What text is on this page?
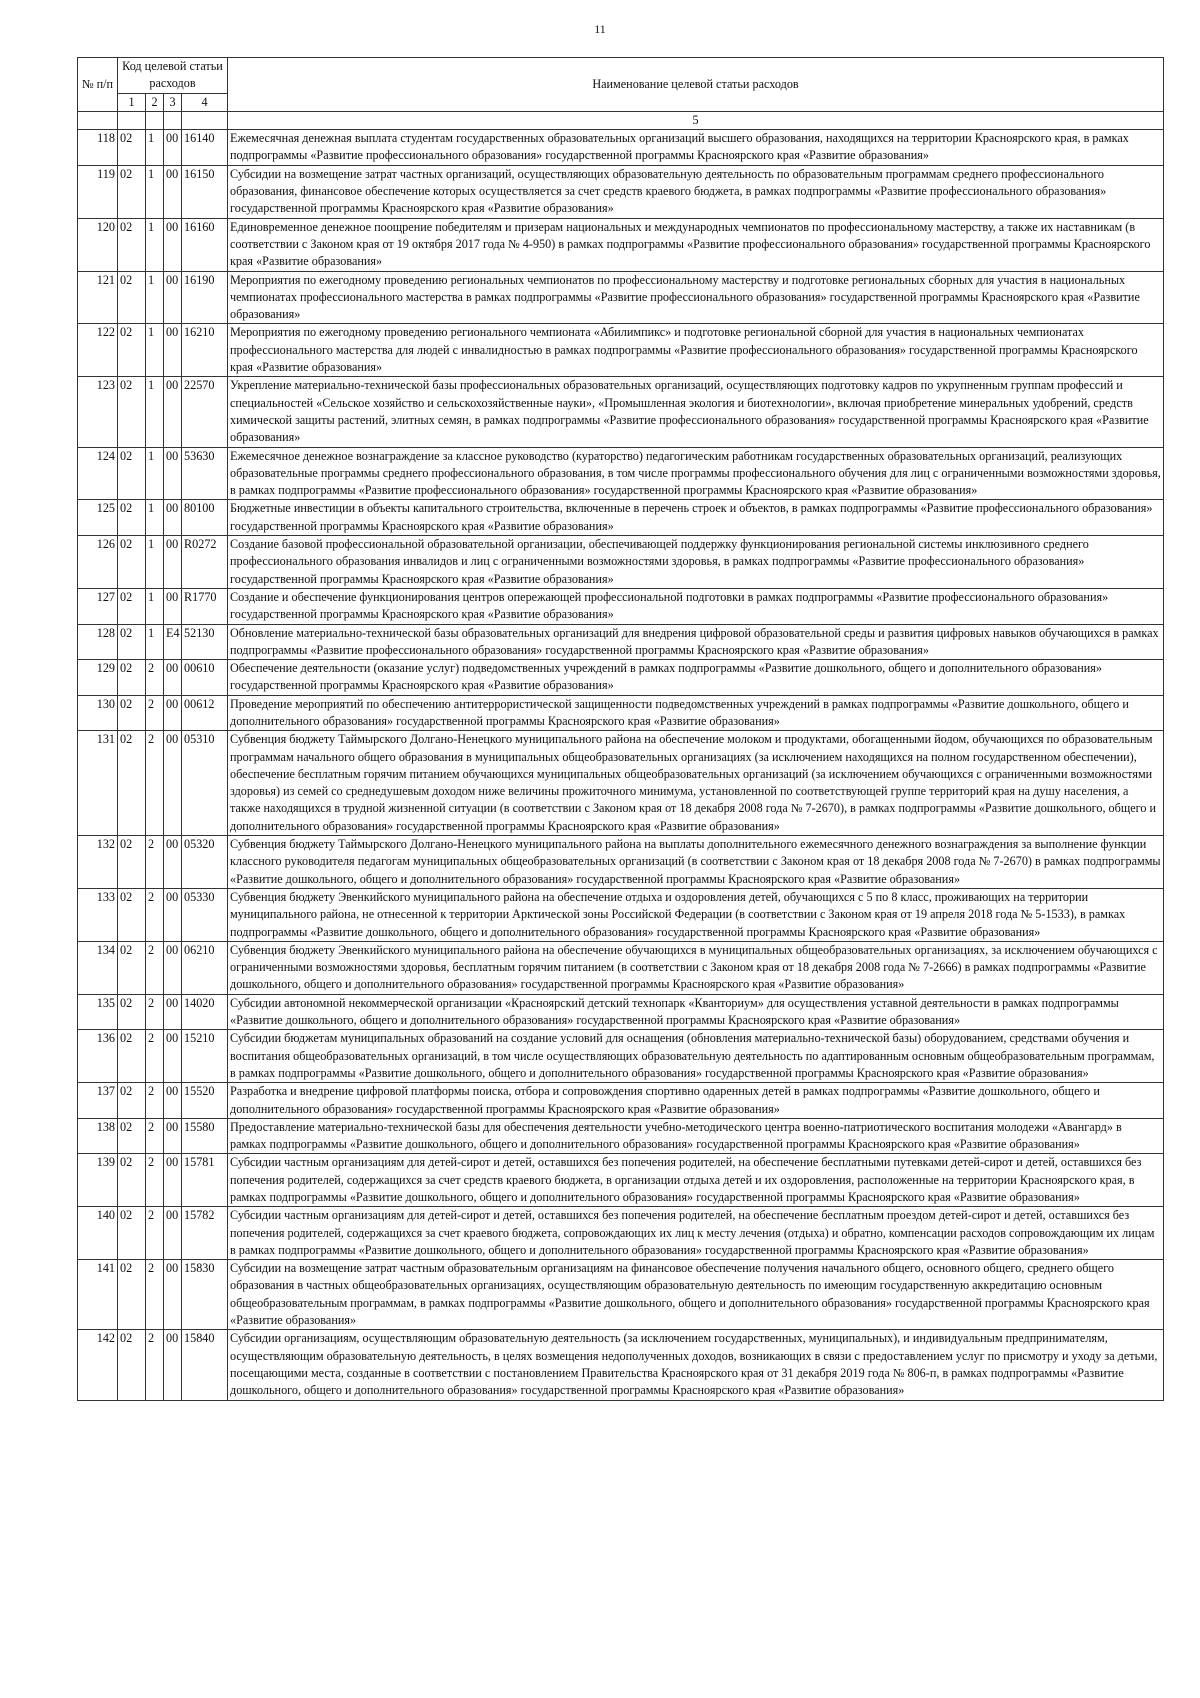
11
№ п/п	Код целевой статьи расходов				Наименование целевой статьи расходов
	1	2	3	4	
					5
118	02	1	00	16140	Ежемесячная денежная выплата студентам государственных образовательных организаций высшего образования, находящихся на территории Красноярского края, в рамках подпрограммы «Развитие профессионального образования» государственной программы Красноярского края «Развитие образования»
119	02	1	00	16150	Субсидии на возмещение затрат частных организаций, осуществляющих образовательную деятельность по образовательным программам среднего профессионального образования, финансовое обеспечение которых осуществляется за счет средств краевого бюджета, в рамках подпрограммы «Развитие профессионального образования» государственной программы Красноярского края «Развитие образования»
120	02	1	00	16160	Единовременное денежное поощрение победителям и призерам национальных и международных чемпионатов по профессиональному мастерству, а также их наставникам (в соответствии с Законом края от 19 октября 2017 года № 4-950) в рамках подпрограммы «Развитие профессионального образования» государственной программы Красноярского края «Развитие образования»
121	02	1	00	16190	Мероприятия по ежегодному проведению региональных чемпионатов по профессиональному мастерству и подготовке региональных сборных для участия в национальных чемпионатах профессионального мастерства в рамках подпрограммы «Развитие профессионального образования» государственной программы Красноярского края «Развитие образования»
122	02	1	00	16210	Мероприятия по ежегодному проведению регионального чемпионата «Абилимпикс» и подготовке региональной сборной для участия в национальных чемпионатах профессионального мастерства для людей с инвалидностью в рамках подпрограммы «Развитие профессионального образования» государственной программы Красноярского края «Развитие образования»
123	02	1	00	22570	Укрепление материально-технической базы профессиональных образовательных организаций, осуществляющих подготовку кадров по укрупненным группам профессий и специальностей «Сельское хозяйство и сельскохозяйственные науки», «Промышленная экология и биотехнологии», включая приобретение минеральных удобрений, средств химической защиты растений, элитных семян, в рамках подпрограммы «Развитие профессионального образования» государственной программы Красноярского края «Развитие образования»
124	02	1	00	53630	Ежемесячное денежное вознаграждение за классное руководство (кураторство) педагогическим работникам государственных образовательных организаций, реализующих образовательные программы среднего профессионального образования, в том числе программы профессионального обучения для лиц с ограниченными возможностями здоровья, в рамках подпрограммы «Развитие профессионального образования» государственной программы Красноярского края «Развитие образования»
125	02	1	00	80100	Бюджетные инвестиции в объекты капитального строительства, включенные в перечень строек и объектов, в рамках подпрограммы «Развитие профессионального образования» государственной программы Красноярского края «Развитие образования»
126	02	1	00	R0272	Создание базовой профессиональной образовательной организации, обеспечивающей поддержку функционирования региональной системы инклюзивного среднего профессионального образования инвалидов и лиц с ограниченными возможностями здоровья, в рамках подпрограммы «Развитие профессионального образования» государственной программы Красноярского края «Развитие образования»
127	02	1	00	R1770	Создание и обеспечение функционирования центров опережающей профессиональной подготовки в рамках подпрограммы «Развитие профессионального образования» государственной программы Красноярского края «Развитие образования»
128	02	1	E4	52130	Обновление материально-технической базы образовательных организаций для внедрения цифровой образовательной среды и развития цифровых навыков обучающихся в рамках подпрограммы «Развитие профессионального образования» государственной программы Красноярского края «Развитие образования»
129	02	2	00	00610	Обеспечение деятельности (оказание услуг) подведомственных учреждений в рамках подпрограммы «Развитие дошкольного, общего и дополнительного образования» государственной программы Красноярского края «Развитие образования»
130	02	2	00	00612	Проведение мероприятий по обеспечению антитеррористической защищенности подведомственных учреждений в рамках подпрограммы «Развитие дошкольного, общего и дополнительного образования» государственной программы Красноярского края «Развитие образования»
131	02	2	00	05310	Субвенция бюджету Таймырского Долгано-Ненецкого муниципального района на обеспечение молоком и продуктами, обогащенными йодом, обучающихся по образовательным программам начального общего образования в муниципальных общеобразовательных организациях (за исключением находящихся на полном государственном обеспечении), обеспечение бесплатным горячим питанием обучающихся муниципальных общеобразовательных организаций (за исключением обучающихся с ограниченными возможностями здоровья) из семей со среднедушевым доходом ниже величины прожиточного минимума, установленной по соответствующей группе территорий края на душу населения, а также находящихся в трудной жизненной ситуации (в соответствии с Законом края от 18 декабря 2008 года № 7-2670), в рамках подпрограммы «Развитие дошкольного, общего и дополнительного образования» государственной программы Красноярского края «Развитие образования»
132	02	2	00	05320	Субвенция бюджету Таймырского Долгано-Ненецкого муниципального района на выплаты дополнительного ежемесячного денежного вознаграждения за выполнение функции классного руководителя педагогам муниципальных общеобразовательных организаций (в соответствии с Законом края от 18 декабря 2008 года № 7-2670) в рамках подпрограммы «Развитие дошкольного, общего и дополнительного образования» государственной программы Красноярского края «Развитие образования»
133	02	2	00	05330	Субвенция бюджету Эвенкийского муниципального района на обеспечение отдыха и оздоровления детей, обучающихся с 5 по 8 класс, проживающих на территории муниципального района, не отнесенной к территории Арктической зоны Российской Федерации (в соответствии с Законом края от 19 апреля 2018 года № 5-1533), в рамках подпрограммы «Развитие дошкольного, общего и дополнительного образования» государственной программы Красноярского края «Развитие образования»
134	02	2	00	06210	Субвенция бюджету Эвенкийского муниципального района на обеспечение обучающихся в муниципальных общеобразовательных организациях, за исключением обучающихся с ограниченными возможностями здоровья, бесплатным горячим питанием (в соответствии с Законом края от 18 декабря 2008 года № 7-2666) в рамках подпрограммы «Развитие дошкольного, общего и дополнительного образования» государственной программы Красноярского края «Развитие образования»
135	02	2	00	14020	Субсидии автономной некоммерческой организации «Красноярский детский технопарк «Кванториум» для осуществления уставной деятельности в рамках подпрограммы «Развитие дошкольного, общего и дополнительного образования» государственной программы Красноярского края «Развитие образования»
136	02	2	00	15210	Субсидии бюджетам муниципальных образований на создание условий для оснащения (обновления материально-технической базы) оборудованием, средствами обучения и воспитания общеобразовательных организаций, в том числе осуществляющих образовательную деятельность по адаптированным основным общеобразовательным программам, в рамках подпрограммы «Развитие дошкольного, общего и дополнительного образования» государственной программы Красноярского края «Развитие образования»
137	02	2	00	15520	Разработка и внедрение цифровой платформы поиска, отбора и сопровождения спортивно одаренных детей в рамках подпрограммы «Развитие дошкольного, общего и дополнительного образования» государственной программы Красноярского края «Развитие образования»
138	02	2	00	15580	Предоставление материально-технической базы для обеспечения деятельности учебно-методического центра военно-патриотического воспитания молодежи «Авангард» в рамках подпрограммы «Развитие дошкольного, общего и дополнительного образования» государственной программы Красноярского края «Развитие образования»
139	02	2	00	15781	Субсидии частным организациям для детей-сирот и детей, оставшихся без попечения родителей, на обеспечение бесплатными путевками детей-сирот и детей, оставшихся без попечения родителей, содержащихся за счет средств краевого бюджета, в организации отдыха детей и их оздоровления, расположенные на территории Красноярского края, в рамках подпрограммы «Развитие дошкольного, общего и дополнительного образования» государственной программы Красноярского края «Развитие образования»
140	02	2	00	15782	Субсидии частным организациям для детей-сирот и детей, оставшихся без попечения родителей, на обеспечение бесплатным проездом детей-сирот и детей, оставшихся без попечения родителей, содержащихся за счет краевого бюджета, сопровождающих их лиц к месту лечения (отдыха) и обратно, компенсации расходов сопровождающим их лицам в рамках подпрограммы «Развитие дошкольного, общего и дополнительного образования» государственной программы Красноярского края «Развитие образования»
141	02	2	00	15830	Субсидии на возмещение затрат частным образовательным организациям на финансовое обеспечение получения начального общего, основного общего, среднего общего образования в частных общеобразовательных организациях, осуществляющим образовательную деятельность по имеющим государственную аккредитацию основным общеобразовательным программам, в рамках подпрограммы «Развитие дошкольного, общего и дополнительного образования» государственной программы Красноярского края «Развитие образования»
142	02	2	00	15840	Субсидии организациям, осуществляющим образовательную деятельность (за исключением государственных, муниципальных), и индивидуальным предпринимателям, осуществляющим образовательную деятельность, в целях возмещения недополученных доходов, возникающих в связи с предоставлением услуг по присмотру и уходу за детьми, посещающими места, созданные в соответствии с постановлением Правительства Красноярского края от 31 декабря 2019 года № 806-п, в рамках подпрограммы «Развитие дошкольного, общего и дополнительного образования» государственной программы Красноярского края «Развитие образования»
